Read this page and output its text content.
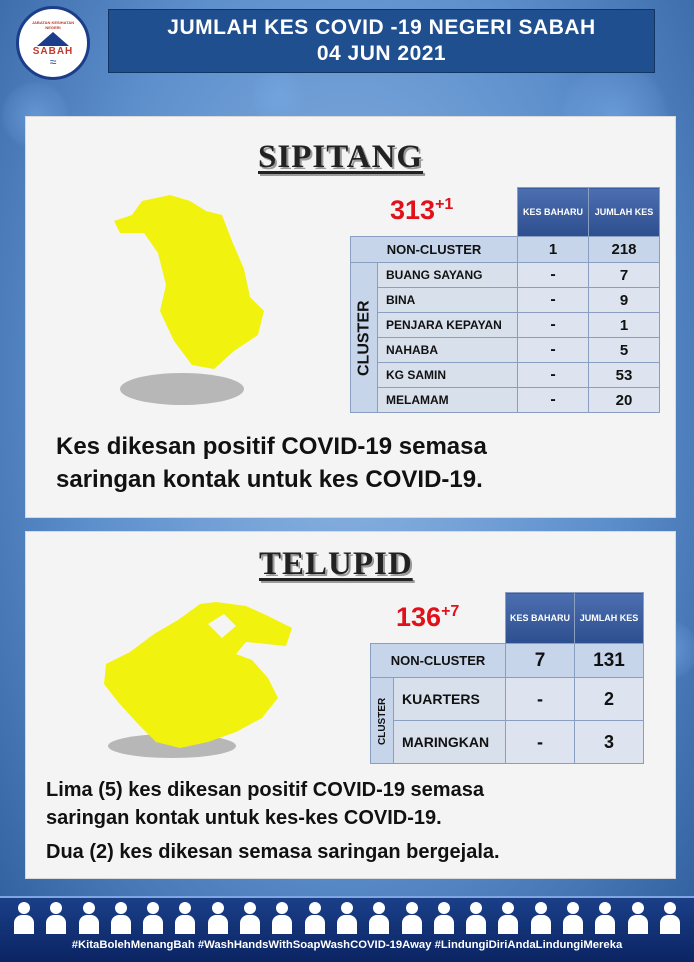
JABATAN KESIHATAN NEGERI
SABAH
≈
JUMLAH KES COVID -19 NEGERI SABAH
04 JUN 2021
SIPITANG
$313^{+1}$
		KES BAHARU	JUMLAH KES
NON-CLUSTER		1	218
CLUSTER	BUANG SAYANG	-	7
	BINA	-	9
	PENJARA KEPAYAN	-	1
	NAHABA	-	5
	KG SAMIN	-	53
	MELAMAM	-	20
Kes dikesan positif COVID-19 semasa
saringan kontak untuk kes COVID-19.
TELUPID
$136^{+7}$
		KES BAHARU	JUMLAH KES
NON-CLUSTER		7	131
CLUSTER	KUARTERS	-	2
	MARINGKAN	-	3
Lima (5) kes dikesan positif COVID-19 semasa
saringan kontak untuk kes-kes COVID-19.
Dua (2) kes dikesan semasa saringan bergejala.
#KitaBolehMenangBah #WashHandsWithSoapWashCOVID-19Away #LindungiDiriAndaLindungiMereka
